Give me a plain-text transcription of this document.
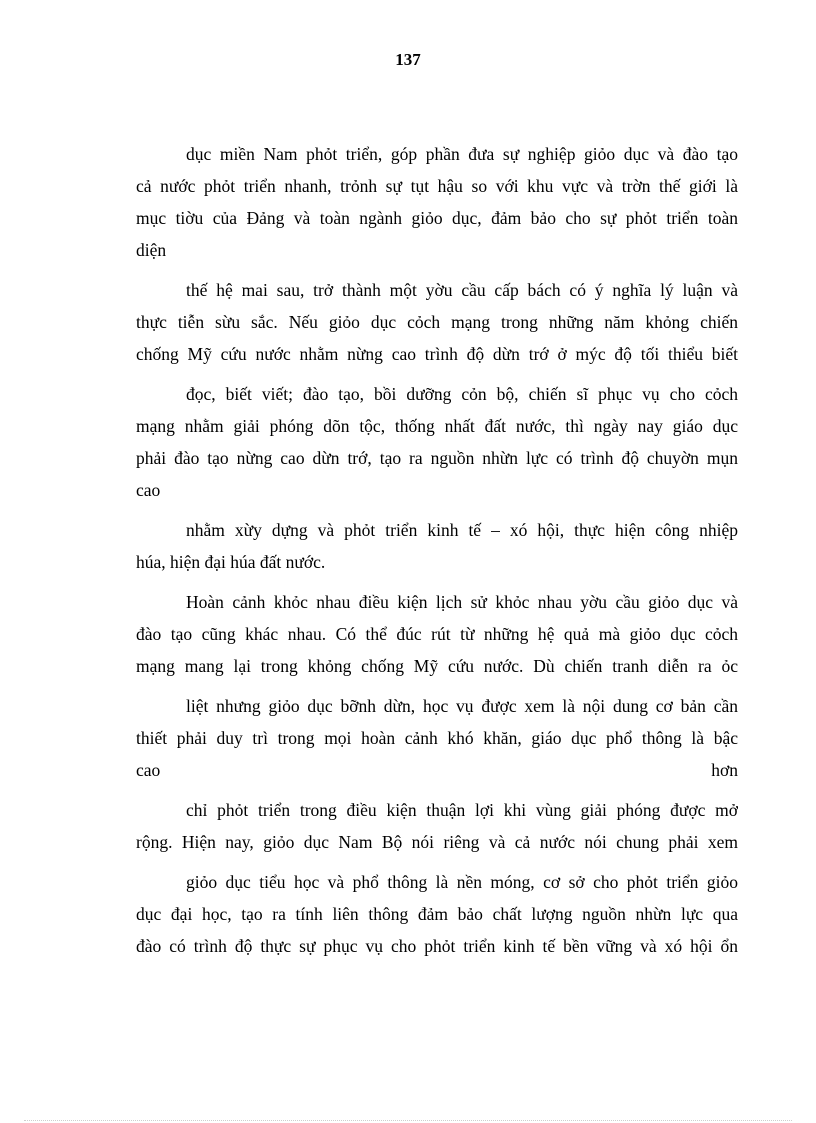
137
dục miền Nam phỏt triển, góp phần đưa sự nghiệp giỏo dục và đào tạo
cả nước phỏt triển nhanh, trỏnh sự tụt hậu so với khu vực và trờn thế giới là
mục tiờu của Đảng và toàn ngành giỏo dục, đảm bảo cho sự phỏt triển toàn
diện
thế hệ mai sau, trở thành một yờu cầu cấp bách có ý nghĩa lý luận và
thực tiễn sừu sắc. Nếu giỏo dục cỏch mạng trong những năm khỏng chiến
chống Mỹ cứu nước nhằm nừng cao trình độ dừn trớ ở mýc độ tối thiểu biết
đọc, biết viết; đào tạo, bồi dưỡng cỏn bộ, chiến sĩ phục vụ cho cỏch
mạng nhằm giải phóng dõn tộc, thống nhất đất nước, thì ngày nay giáo dục
phải đào tạo nừng cao dừn trớ, tạo ra nguồn nhừn lực có trình độ chuyờn mụn
cao
nhằm xừy dựng và phỏt triển kinh tế – xó hội, thực hiện công nhiệp
húa, hiện đại húa đất nước.
Hoàn cảnh khỏc nhau điều kiện lịch sử khỏc nhau yờu cầu giỏo dục và
đào tạo cũng khác nhau. Có thể đúc rút từ những hệ quả mà giỏo dục cỏch
mạng mang lại trong khỏng chống Mỹ cứu nước. Dù chiến tranh diễn ra ỏc
liệt nhưng giỏo dục bỡnh dừn, học vụ được xem là nội dung cơ bản cần
thiết phải duy trì trong mọi hoàn cảnh khó khăn, giáo dục phổ thông là bậc
cao hơn
chỉ phỏt triển trong điều kiện thuận lợi khi vùng giải phóng được mở
rộng. Hiện nay, giỏo dục Nam Bộ nói riêng và cả nước nói chung phải xem
giỏo dục tiểu học và phổ thông là nền móng, cơ sở cho phỏt triển giỏo
dục đại học, tạo ra tính liên thông đảm bảo chất lượng nguồn nhừn lực qua
đào có trình độ thực sự phục vụ cho phỏt triển kinh tế bền vững và xó hội ổn
